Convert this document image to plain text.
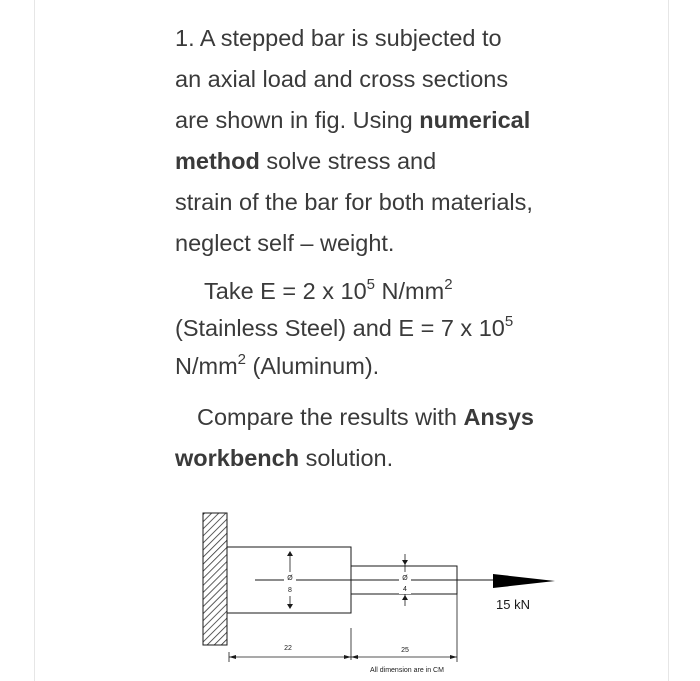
1. A stepped bar is subjected to
an axial load and cross sections
are shown in fig. Using numerical
method solve stress and
strain of the bar for both materials,
neglect self – weight.
Take E = 2 x $10^5$ $N/mm^2$
(Stainless Steel) and E = 7 x $10^5$
$N/mm^2$ (Aluminum).
Compare the results with Ansys
workbench solution.
Ø
8
Ø
4
15 kN
22	25
All dimension are in CM
